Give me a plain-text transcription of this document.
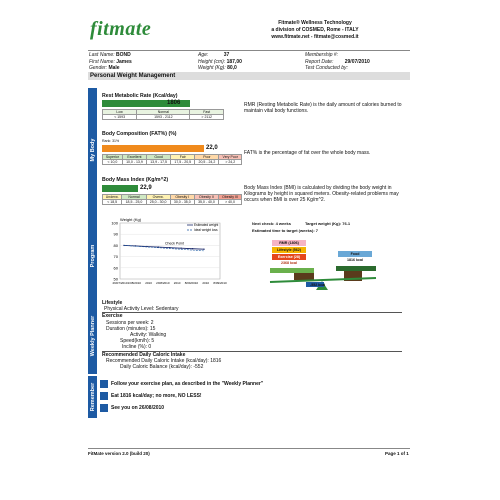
fitmate	Fitmate® Wellness Technology
a division of COSMED, Rome - ITALY
www.fitmate.net - fitmate@cosmed.it
Last Name: BOND
First Name: James
Gender: Male
Age:	37
Height (cm): 187,00
Weight (Kg): 80,0
Membership #:
Report Date: 29/07/2010
Test Conducted by:
Personal Weight Management
My Body
Program
Weekly Planner
Remember
Rest Metabolic Rate (Kcal/day)
1806
Low	Normal	Fast
< 1593	1593 - 2112	> 2112
RMR (Resting Metabolic Rate) is the daily amount of calories burned to maintain vital body functions.
Body Composition (FAT%) (%)
Rank: 31%
22,0
Superior	Excellent	Good	Fair	Poor	Very Poor
< 10,0	10,0 - 13,9	13,9 - 17,5	17,5 - 20,5	20,5 - 24,2	> 24,2
FAT% is the percentage of fat over the whole body mass.
Body Mass Index (Kg/m^2)
22,9
Underw.	Normal	Overw.	Obesity I	Obesity II	Obesity III
< 18,5	18,5 - 25,0	25,0 - 30,0	30,0 - 35,0	35,0 - 40,0	> 40,0
Body Mass Index (BMI) is calculated by dividing the body weight in Kilograms by height in squared meters. Obesity-related problems may occurs when BMI is over 25 Kg/m^2.
50
60
70
80
90
100
Weight (Kg)
29/07/2010 1/08/2010 2010 2/08/2010 2010 8/09/2010 2010 8/09/2010
Check Point
Estimated weight
Ideal weight loss
Next check: 4 weeks	Target weight (Kg): 76.1
Estimated time to target (weeks): 7
RMR (1806)
Lifestyle (562)
Exercise (28)
2368 kcal
Food
1816 kcal
-552 kcal
Lifestyle
Physical Activity Level: Sedentary
Exercise
Sessions per week: 2
Duration (minutes): 15
Activity: Walking
Speed(km/h): 5
Incline (%): 0
Recommended Daily Caloric Intake
Recommended Daily Caloric Intake (kcal/day): 1816
Daily Caloric Balance (kcal/day): -552
Follow your exercise plan, as described in the "Weekly Planner"
Eat 1816 kcal/day; no more, NO LESS!
See you on 26/08/2010
FitMate version 2.0 (build 20)	Page 1 of 1
